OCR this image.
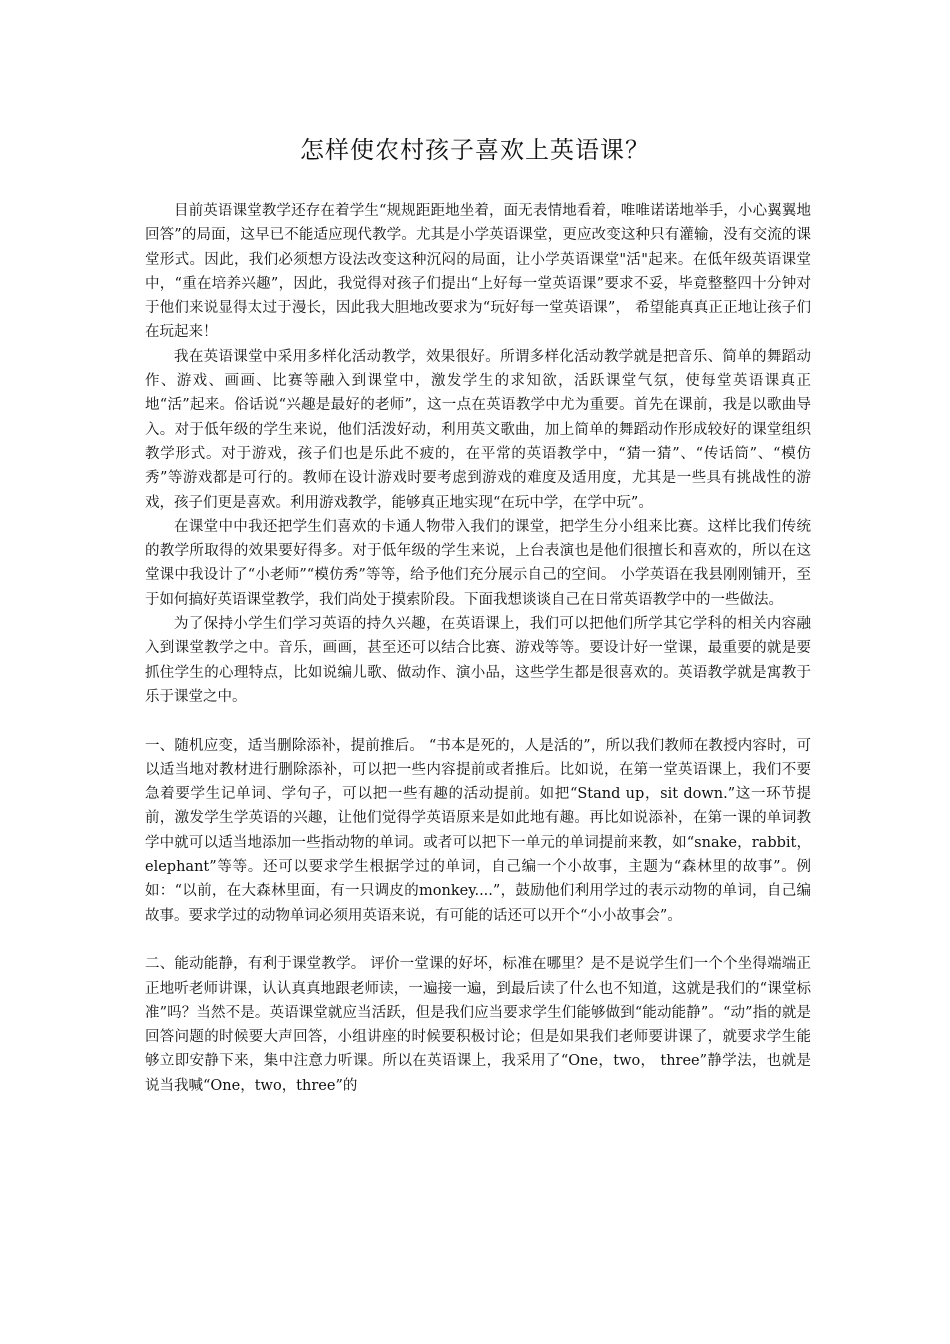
怎样使农村孩子喜欢上英语课？

目前英语课堂教学还存在着学生“规规距距地坐着，面无表情地看着，唯唯诺诺地举手，小心翼翼地回答”的局面，这早已不能适应现代教学。尤其是小学英语课堂，更应改变这种只有灌输，没有交流的课堂形式。因此，我们必须想方设法改变这种沉闷的局面，让小学英语课堂"活"起来。在低年级英语课堂中，“重在培养兴趣”，因此，我觉得对孩子们提出“上好每一堂英语课”要求不妥，毕竟整整四十分钟对于他们来说显得太过于漫长，因此我大胆地改要求为“玩好每一堂英语课”， 希望能真真正正地让孩子们在玩起来！

我在英语课堂中采用多样化活动教学，效果很好。所谓多样化活动教学就是把音乐、简单的舞蹈动作、游戏、画画、比赛等融入到课堂中，激发学生的求知欲，活跃课堂气氛，使每堂英语课真正地“活”起来。俗话说“兴趣是最好的老师”，这一点在英语教学中尤为重要。首先在课前，我是以歌曲导入。对于低年级的学生来说，他们活泼好动，利用英文歌曲，加上简单的舞蹈动作形成较好的课堂组织教学形式。对于游戏，孩子们也是乐此不疲的，在平常的英语教学中，“猜一猜”、“传话筒”、“模仿秀”等游戏都是可行的。教师在设计游戏时要考虑到游戏的难度及适用度，尤其是一些具有挑战性的游戏，孩子们更是喜欢。利用游戏教学，能够真正地实现“在玩中学，在学中玩”。

在课堂中中我还把学生们喜欢的卡通人物带入我们的课堂，把学生分小组来比赛。这样比我们传统的教学所取得的效果要好得多。对于低年级的学生来说，上台表演也是他们很擅长和喜欢的，所以在这堂课中我设计了“小老师”“模仿秀”等等，给予他们充分展示自己的空间。 小学英语在我县刚刚铺开，至于如何搞好英语课堂教学，我们尚处于摸索阶段。下面我想谈谈自己在日常英语教学中的一些做法。

为了保持小学生们学习英语的持久兴趣，在英语课上，我们可以把他们所学其它学科的相关内容融入到课堂教学之中。音乐，画画，甚至还可以结合比赛、游戏等等。要设计好一堂课，最重要的就是要抓住学生的心理特点，比如说编儿歌、做动作、演小品，这些学生都是很喜欢的。英语教学就是寓教于乐于课堂之中。

一、随机应变，适当删除添补，提前推后。 “书本是死的，人是活的”，所以我们教师在教授内容时，可以适当地对教材进行删除添补，可以把一些内容提前或者推后。比如说，在第一堂英语课上，我们不要急着要学生记单词、学句子，可以把一些有趣的活动提前。如把“Stand up，sit down.”这一环节提前，激发学生学英语的兴趣，让他们觉得学英语原来是如此地有趣。再比如说添补，在第一课的单词教学中就可以适当地添加一些指动物的单词。或者可以把下一单元的单词提前来教，如“snake，rabbit，elephant”等等。还可以要求学生根据学过的单词，自己编一个小故事，主题为“森林里的故事”。例如：“以前，在大森林里面，有一只调皮的monkey....”，鼓励他们利用学过的表示动物的单词，自己编故事。要求学过的动物单词必须用英语来说，有可能的话还可以开个“小小故事会”。

二、能动能静，有利于课堂教学。 评价一堂课的好坏，标准在哪里？是不是说学生们一个个坐得端端正正地听老师讲课，认认真真地跟老师读，一遍接一遍，到最后读了什么也不知道，这就是我们的“课堂标准”吗？当然不是。英语课堂就应当活跃，但是我们应当要求学生们能够做到“能动能静”。“动”指的就是回答问题的时候要大声回答，小组讲座的时候要积极讨论；但是如果我们老师要讲课了，就要求学生能够立即安静下来，集中注意力听课。所以在英语课上，我采用了“One，two， three”静学法，也就是说当我喊“One，two，three”的
